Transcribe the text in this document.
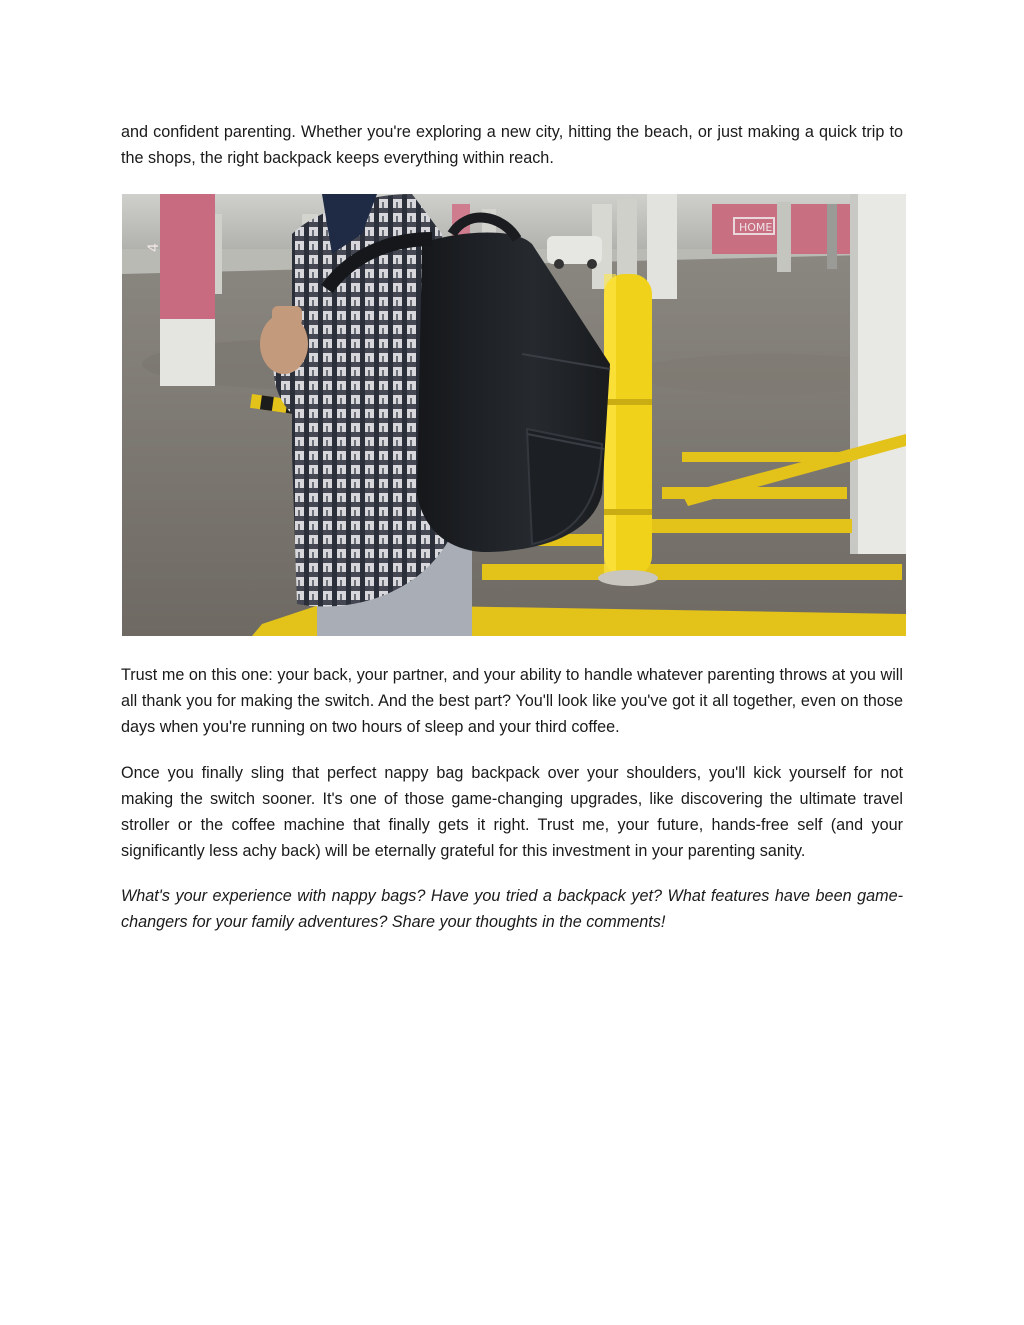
and confident parenting. Whether you're exploring a new city, hitting the beach, or just making a quick trip to the shops, the right backpack keeps everything within reach.

HOME
4

Trust me on this one: your back, your partner, and your ability to handle whatever parenting throws at you will all thank you for making the switch. And the best part? You'll look like you've got it all together, even on those days when you're running on two hours of sleep and your third coffee.

Once you finally sling that perfect nappy bag backpack over your shoulders, you'll kick yourself for not making the switch sooner. It's one of those game-changing upgrades, like discovering the ultimate travel stroller or the coffee machine that finally gets it right. Trust me, your future, hands-free self (and your significantly less achy back) will be eternally grateful for this investment in your parenting sanity.

What's your experience with nappy bags? Have you tried a backpack yet? What features have been game-changers for your family adventures? Share your thoughts in the comments!
